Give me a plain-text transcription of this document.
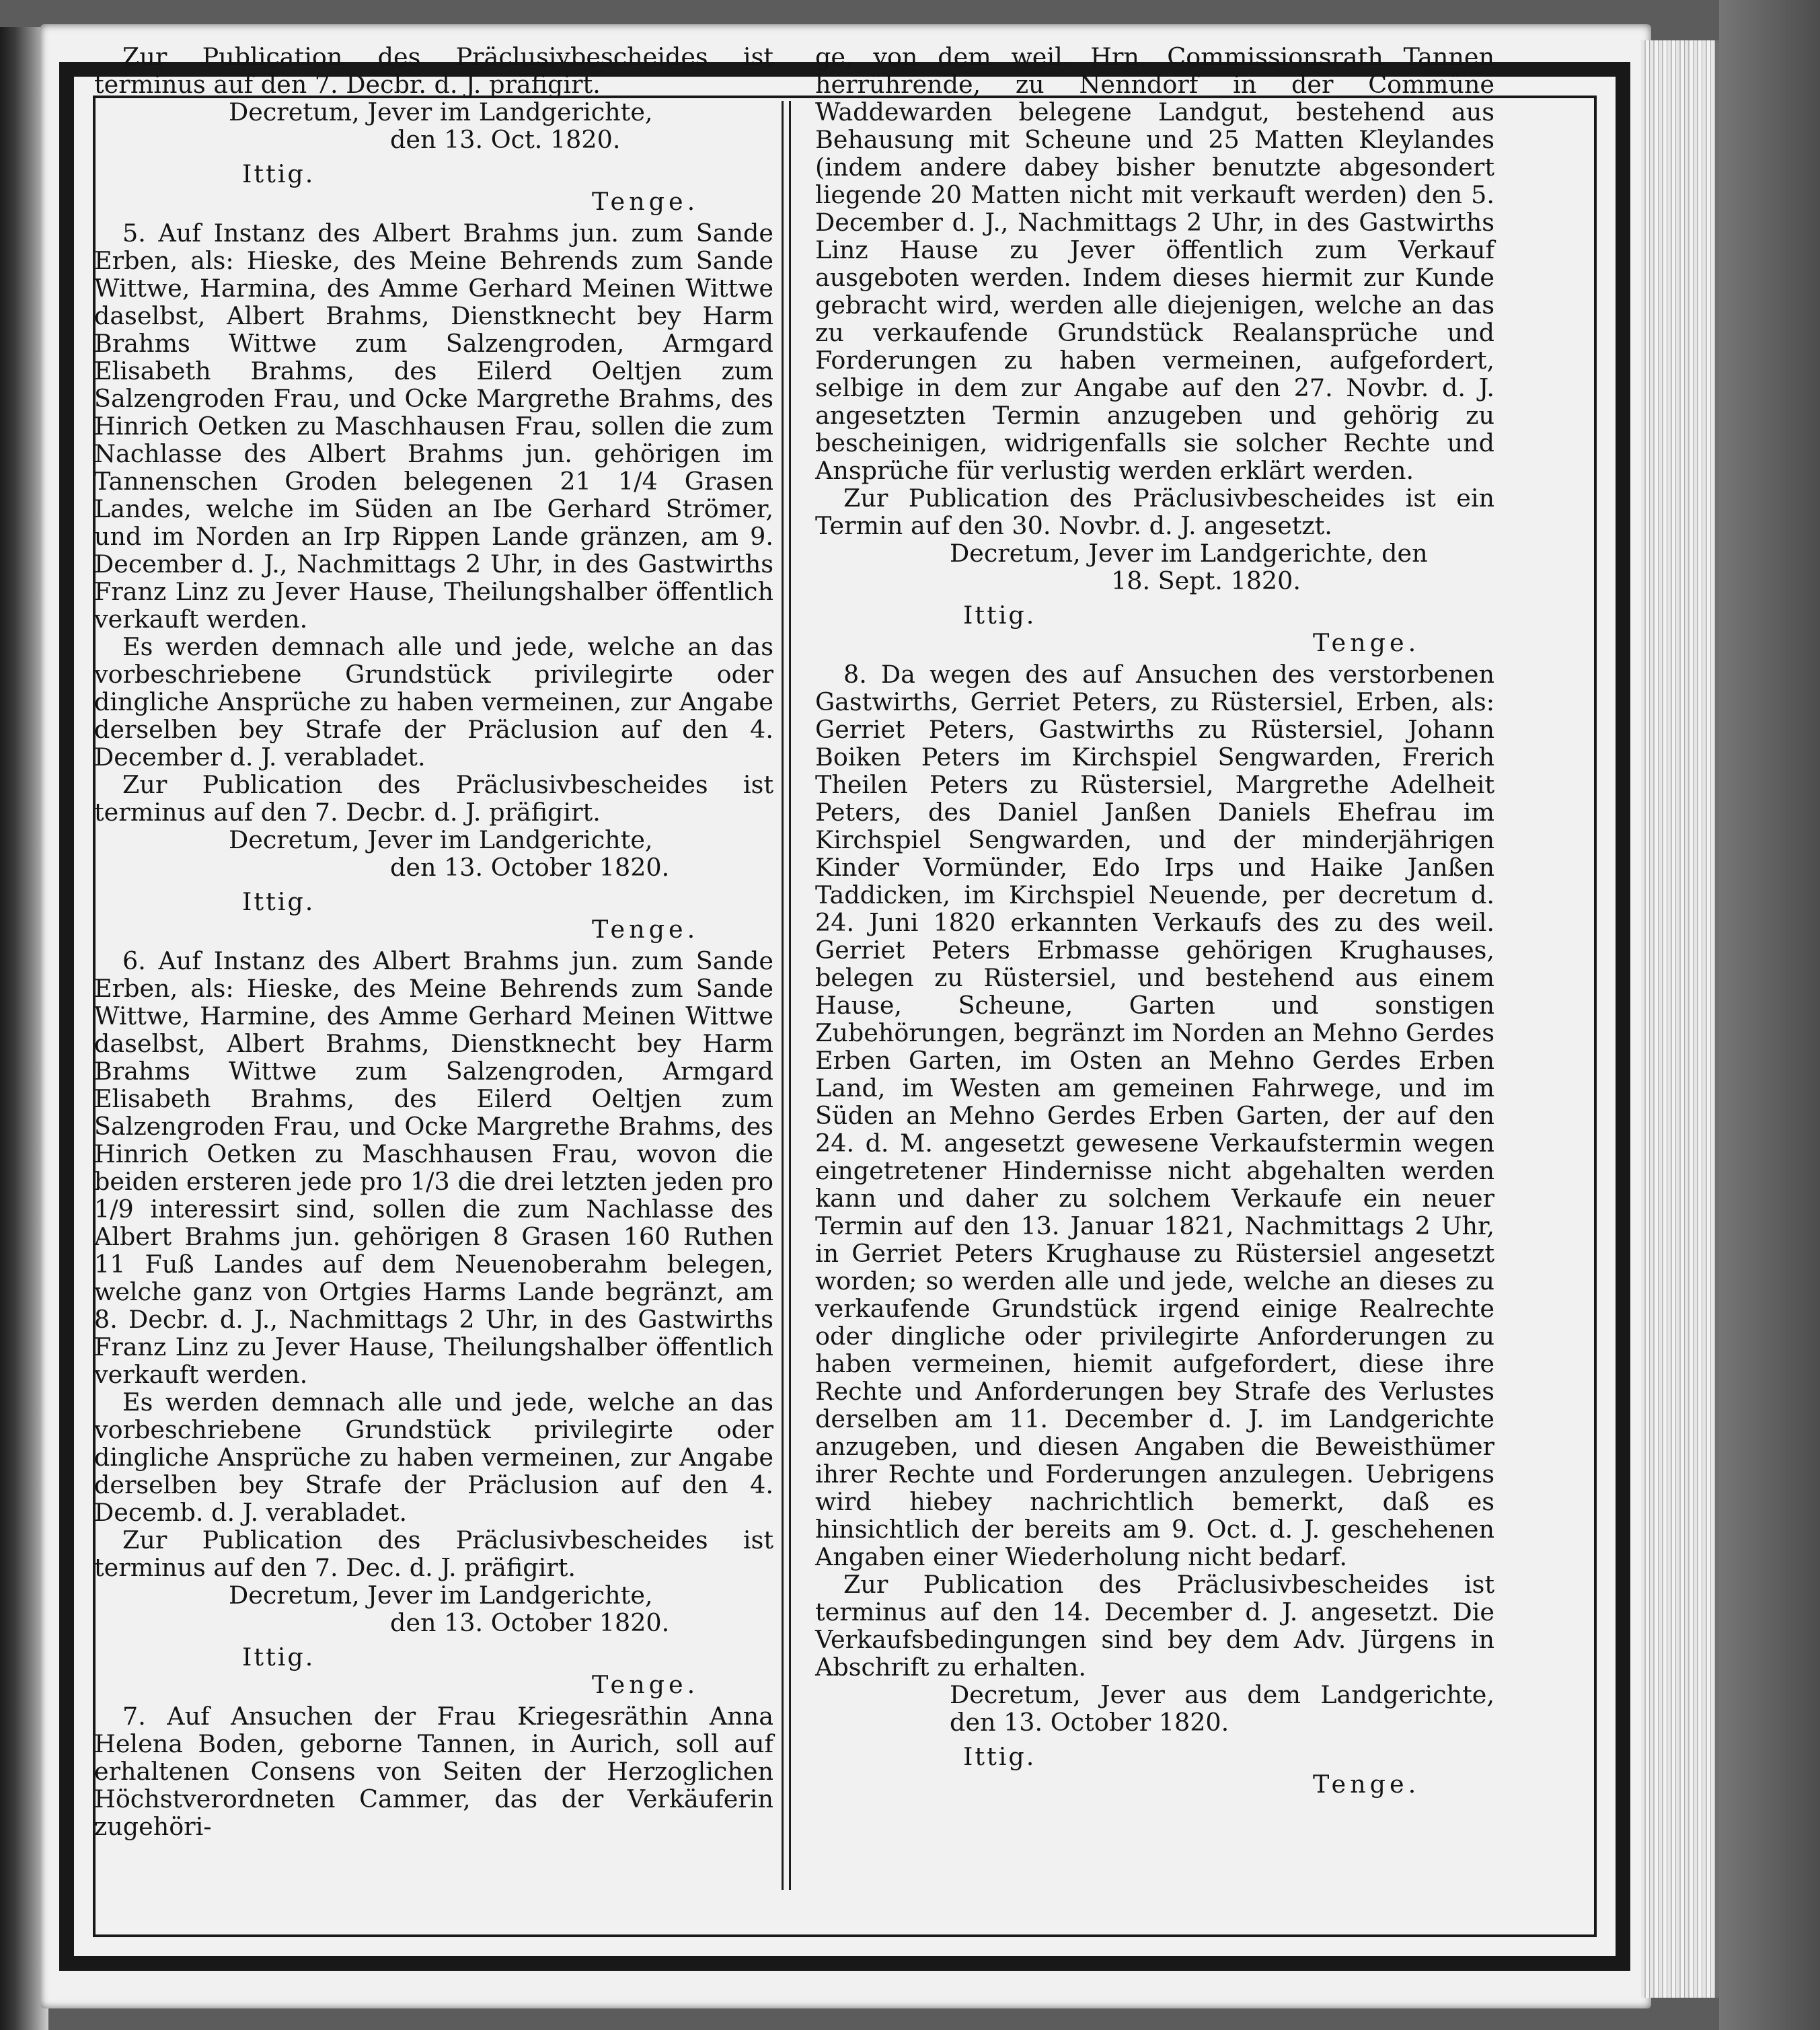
Zur Publication des Präclusivbescheides ist terminus auf den 7. Decbr. d. J. präfigirt.

Decretum, Jever im Landgerichte,

den 13. Oct. 1820.

Ittig.

Tenge.

5. Auf Instanz des Albert Brahms jun. zum Sande Erben, als: Hieske, des Meine Behrends zum Sande Wittwe, Harmina, des Amme Gerhard Meinen Wittwe daselbst, Albert Brahms, Dienstknecht bey Harm Brahms Wittwe zum Salzengroden, Armgard Elisabeth Brahms, des Eilerd Oeltjen zum Salzengroden Frau, und Ocke Margrethe Brahms, des Hinrich Oetken zu Maschhausen Frau, sollen die zum Nachlasse des Albert Brahms jun. gehörigen im Tannenschen Groden belegenen 21 1/4 Grasen Landes, welche im Süden an Ibe Gerhard Strömer, und im Norden an Irp Rippen Lande gränzen, am 9. December d. J., Nachmittags 2 Uhr, in des Gastwirths Franz Linz zu Jever Hause, Theilungshalber öffentlich verkauft werden.

Es werden demnach alle und jede, welche an das vorbeschriebene Grundstück privilegirte oder dingliche Ansprüche zu haben vermeinen, zur Angabe derselben bey Strafe der Präclusion auf den 4. December d. J. verabladet.

Zur Publication des Präclusivbescheides ist terminus auf den 7. Decbr. d. J. präfigirt.

Decretum, Jever im Landgerichte,

den 13. October 1820.

Ittig.

Tenge.

6. Auf Instanz des Albert Brahms jun. zum Sande Erben, als: Hieske, des Meine Behrends zum Sande Wittwe, Harmine, des Amme Gerhard Meinen Wittwe daselbst, Albert Brahms, Dienstknecht bey Harm Brahms Wittwe zum Salzengroden, Armgard Elisabeth Brahms, des Eilerd Oeltjen zum Salzengroden Frau, und Ocke Margrethe Brahms, des Hinrich Oetken zu Maschhausen Frau, wovon die beiden ersteren jede pro 1/3 die drei letzten jeden pro 1/9 interessirt sind, sollen die zum Nachlasse des Albert Brahms jun. gehörigen 8 Grasen 160 Ruthen 11 Fuß Landes auf dem Neuenoberahm belegen, welche ganz von Ortgies Harms Lande begränzt, am 8. Decbr. d. J., Nachmittags 2 Uhr, in des Gastwirths Franz Linz zu Jever Hause, Theilungshalber öffentlich verkauft werden.

Es werden demnach alle und jede, welche an das vorbeschriebene Grundstück privilegirte oder dingliche Ansprüche zu haben vermeinen, zur Angabe derselben bey Strafe der Präclusion auf den 4. Decemb. d. J. verabladet.

Zur Publication des Präclusivbescheides ist terminus auf den 7. Dec. d. J. präfigirt.

Decretum, Jever im Landgerichte,

den 13. October 1820.

Ittig.

Tenge.

7. Auf Ansuchen der Frau Kriegesräthin Anna Helena Boden, geborne Tannen, in Aurich, soll auf erhaltenen Consens von Seiten der Herzoglichen Höchstverordneten Cammer, das der Verkäuferin zugehöri-

ge, von dem weil. Hrn. Commissionsrath Tannen herrührende, zu Nenndorf in der Commüne Waddewarden belegene Landgut, bestehend aus Behausung mit Scheune und 25 Matten Kleylandes (indem andere dabey bisher benutzte abgesondert liegende 20 Matten nicht mit verkauft werden) den 5. December d. J., Nachmittags 2 Uhr, in des Gastwirths Linz Hause zu Jever öffentlich zum Verkauf ausgeboten werden. Indem dieses hiermit zur Kunde gebracht wird, werden alle diejenigen, welche an das zu verkaufende Grundstück Realansprüche und Forderungen zu haben vermeinen, aufgefordert, selbige in dem zur Angabe auf den 27. Novbr. d. J. angesetzten Termin anzugeben und gehörig zu bescheinigen, widrigenfalls sie solcher Rechte und Ansprüche für verlustig werden erklärt werden.

Zur Publication des Präclusivbescheides ist ein Termin auf den 30. Novbr. d. J. angesetzt.

Decretum, Jever im Landgerichte, den

18. Sept. 1820.

Ittig.

Tenge.

8. Da wegen des auf Ansuchen des verstorbenen Gastwirths, Gerriet Peters, zu Rüstersiel, Erben, als: Gerriet Peters, Gastwirths zu Rüstersiel, Johann Boiken Peters im Kirchspiel Sengwarden, Frerich Theilen Peters zu Rüstersiel, Margrethe Adelheit Peters, des Daniel Janßen Daniels Ehefrau im Kirchspiel Sengwarden, und der minderjährigen Kinder Vormünder, Edo Irps und Haike Janßen Taddicken, im Kirchspiel Neuende, per decretum d. 24. Juni 1820 erkannten Verkaufs des zu des weil. Gerriet Peters Erbmasse gehörigen Krughauses, belegen zu Rüstersiel, und bestehend aus einem Hause, Scheune, Garten und sonstigen Zubehörungen, begränzt im Norden an Mehno Gerdes Erben Garten, im Osten an Mehno Gerdes Erben Land, im Westen am gemeinen Fahrwege, und im Süden an Mehno Gerdes Erben Garten, der auf den 24. d. M. angesetzt gewesene Verkaufstermin wegen eingetretener Hindernisse nicht abgehalten werden kann und daher zu solchem Verkaufe ein neuer Termin auf den 13. Januar 1821, Nachmittags 2 Uhr, in Gerriet Peters Krughause zu Rüstersiel angesetzt worden; so werden alle und jede, welche an dieses zu verkaufende Grundstück irgend einige Realrechte oder dingliche oder privilegirte Anforderungen zu haben vermeinen, hiemit aufgefordert, diese ihre Rechte und Anforderungen bey Strafe des Verlustes derselben am 11. December d. J. im Landgerichte anzugeben, und diesen Angaben die Beweisthümer ihrer Rechte und Forderungen anzulegen. Uebrigens wird hiebey nachrichtlich bemerkt, daß es hinsichtlich der bereits am 9. Oct. d. J. geschehenen Angaben einer Wiederholung nicht bedarf.

Zur Publication des Präclusivbescheides ist terminus auf den 14. December d. J. angesetzt. Die Verkaufsbedingungen sind bey dem Adv. Jürgens in Abschrift zu erhalten.

Decretum, Jever aus dem Landgerichte, den 13. October 1820.

Ittig.

Tenge.
